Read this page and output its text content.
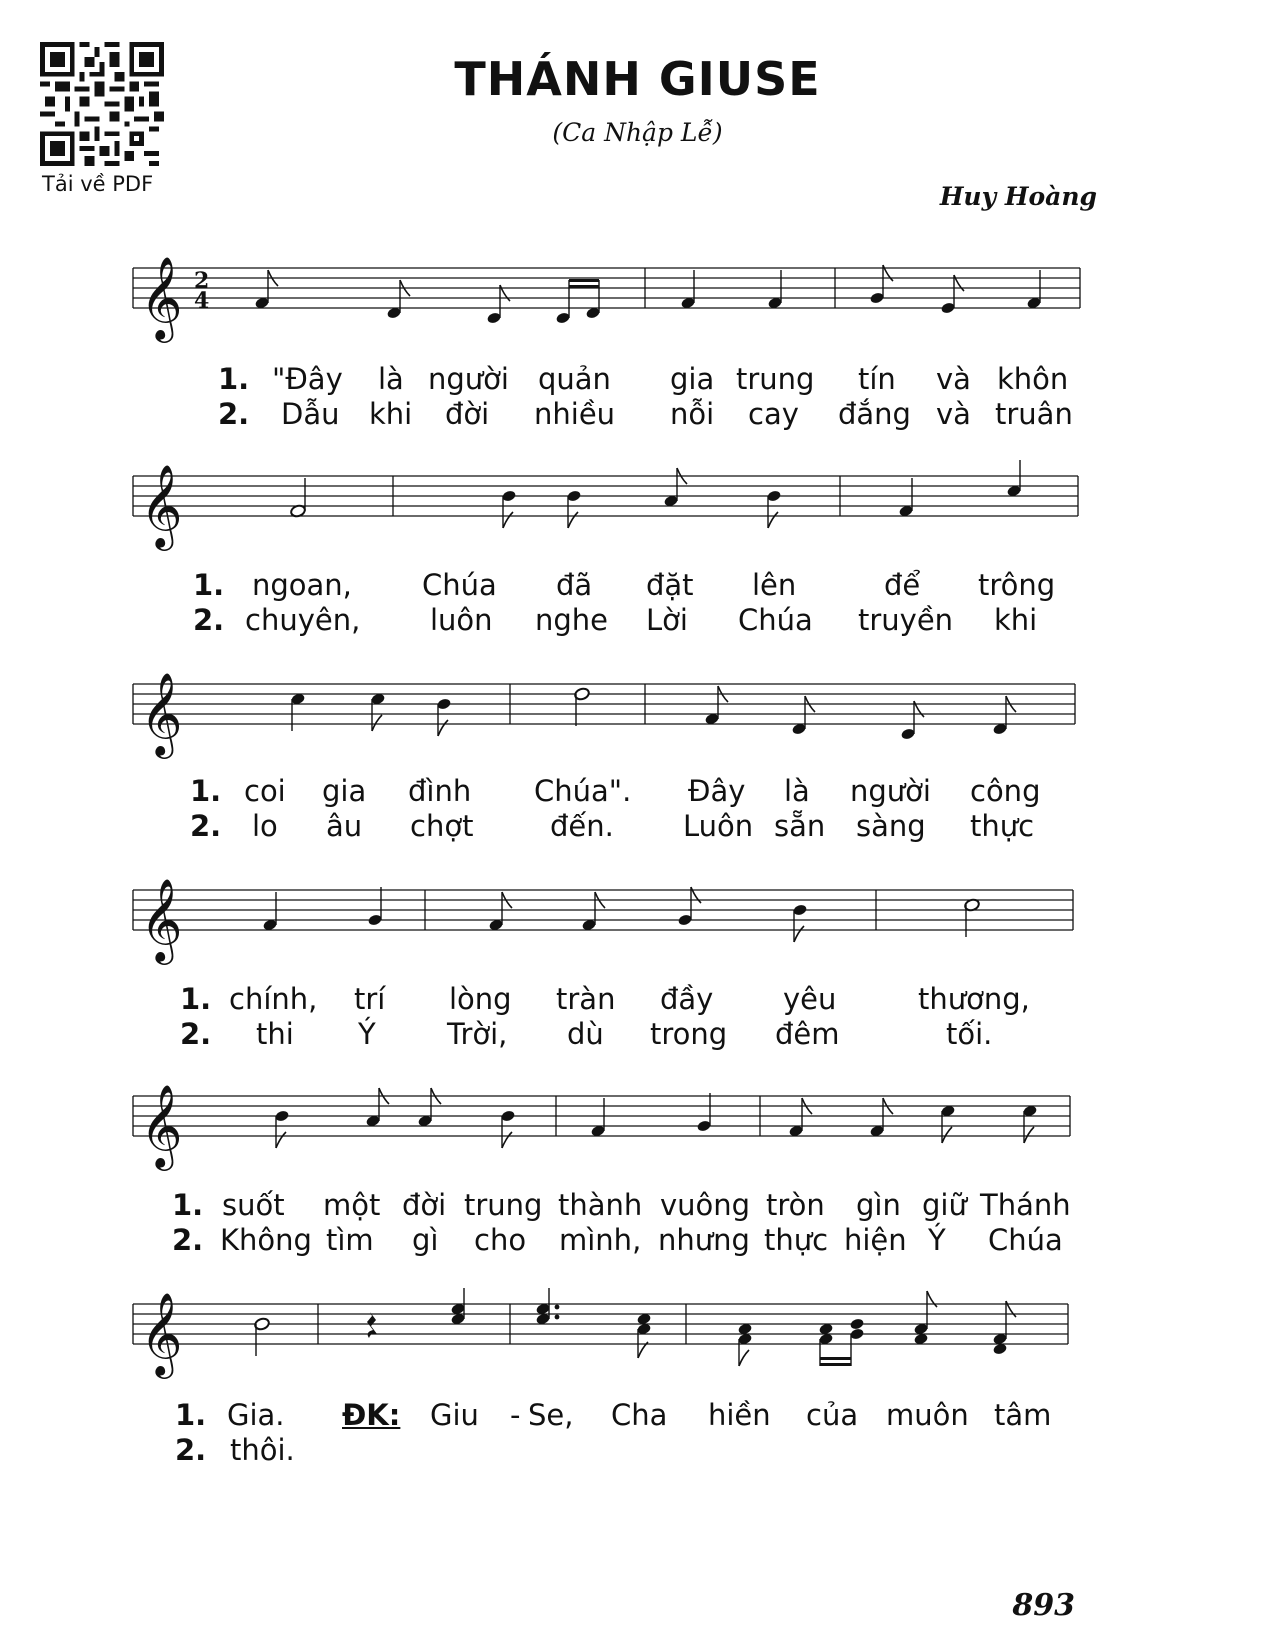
Tải về PDF
THÁNH GIUSE
(Ca Nhập Lễ)
Huy Hoàng
𝄞 2
4
1. "Đây là người quản gia trung tín và khôn
2. Dẫu khi đời nhiều nỗi cay đắng và truân
𝄞
1. ngoan, Chúa đã đặt lên	để trông
2. chuyên, luôn nghe Lời Chúa truyền khi
𝄞
1. coi gia đình Chúa". Đây là người công
2. lo âu chợt	đến. Luôn sẵn sàng thực
𝄞
1. chính, trí lòng tràn đầy yêu	thương,
2. thi Ý Trời, dù trong đêm	tối.
𝄞
1. suốt một đời trung thành vuông tròn gìn giữ Thánh
2. Không tìm gì cho mình, nhưng thực hiện Ý Chúa
𝄞
1. Gia. ĐK: Giu - Se, Cha hiền của muôn tâm
2. thôi.
893
